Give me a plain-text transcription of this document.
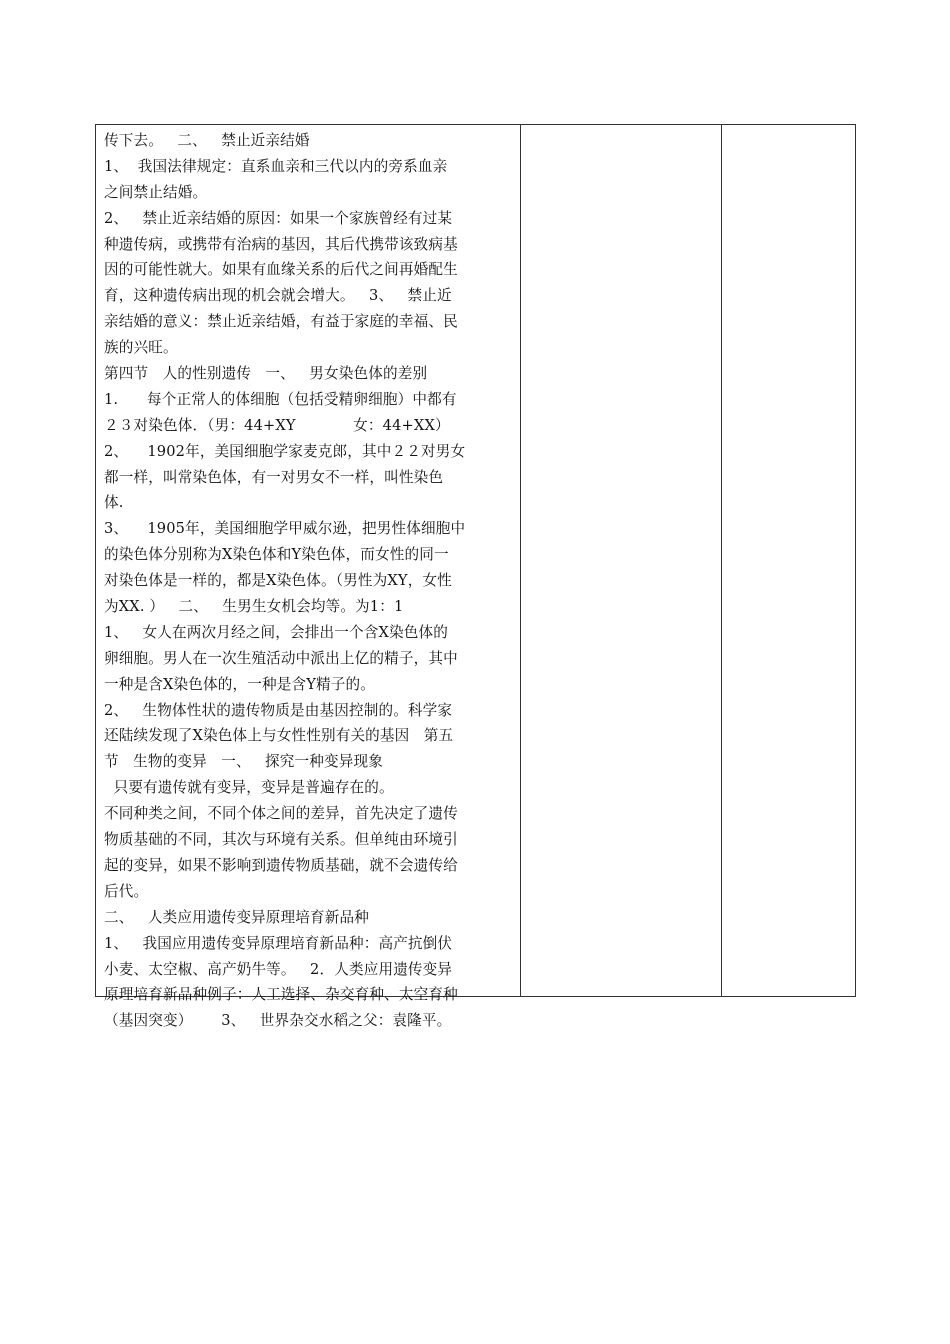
传下去。   二、   禁止近亲结婚
1、  我国法律规定：直系血亲和三代以内的旁系血亲
之间禁止结婚。
2、   禁止近亲结婚的原因：如果一个家族曾经有过某
种遗传病，或携带有治病的基因，其后代携带该致病基
因的可能性就大。如果有血缘关系的后代之间再婚配生
育，这种遗传病出现的机会就会增大。   3、   禁止近
亲结婚的意义：禁止近亲结婚，有益于家庭的幸福、民
族的兴旺。
第四节   人的性别遗传   一、   男女染色体的差别
1.      每个正常人的体细胞（包括受精卵细胞）中都有
２３对染色体．（男：44+XY            女：44+XX）
2、    1902年，美国细胞学家麦克郎，其中２２对男女
都一样，叫常染色体，有一对男女不一样，叫性染色
体.
3、    1905年，美国细胞学甲威尔逊，把男性体细胞中
的染色体分别称为X染色体和Y染色体，而女性的同一
对染色体是一样的，都是X染色体。（男性为XY，女性
为XX. ）   二、   生男生女机会均等。为1：1
1、   女人在两次月经之间，会排出一个含X染色体的
卵细胞。男人在一次生殖活动中派出上亿的精子，其中
一种是含X染色体的，一种是含Y精子的。
2、   生物体性状的遗传物质是由基因控制的。科学家
还陆续发现了X染色体上与女性性别有关的基因   第五
节   生物的变异   一、   探究一种变异现象
只要有遗传就有变异，变异是普遍存在的。
不同种类之间，不同个体之间的差异，首先决定了遗传
物质基础的不同，其次与环境有关系。但单纯由环境引
起的变异，如果不影响到遗传物质基础，就不会遗传给
后代。
二、   人类应用遗传变异原理培育新品种
1、   我国应用遗传变异原理培育新品种：高产抗倒伏
小麦、太空椒、高产奶牛等。   2．人类应用遗传变异
原理培育新品种例子：人工选择、杂交育种、太空育种
（基因突变）      3、   世界杂交水稻之父：袁隆平。
